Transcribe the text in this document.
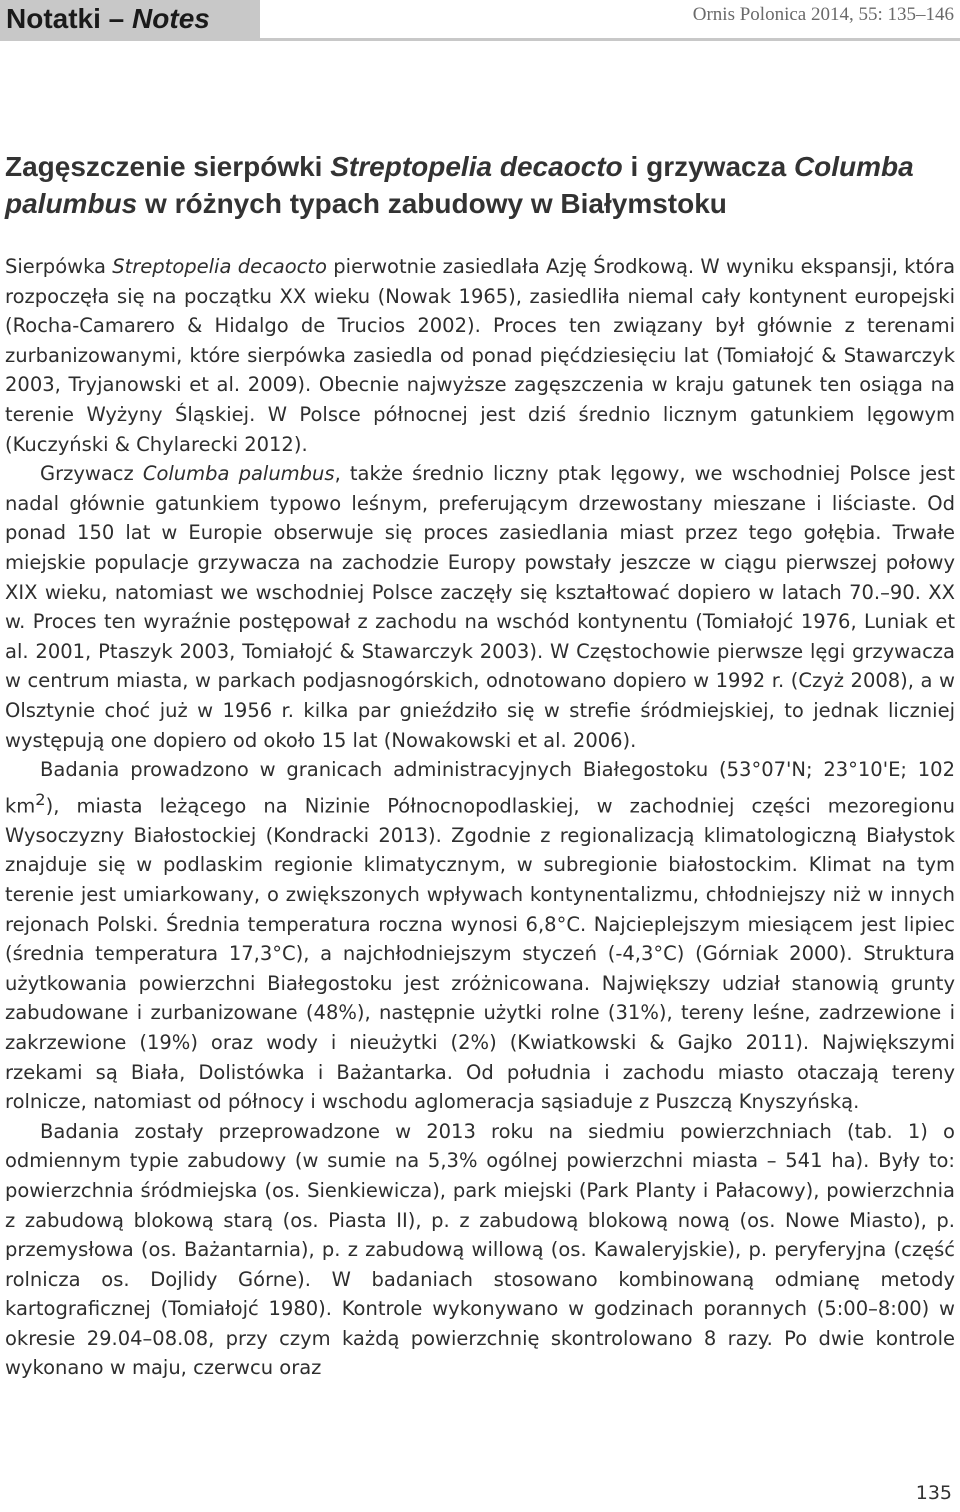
Notatki – Notes	Ornis Polonica 2014, 55: 135–146
Zagęszczenie sierpówki Streptopelia decaocto i grzywacza Columba palumbus w różnych typach zabudowy w Białymstoku

Sierpówka Streptopelia decaocto pierwotnie zasiedlała Azję Środkową. W wyniku ekspansji, która rozpoczęła się na początku XX wieku (Nowak 1965), zasiedliła niemal cały kontynent europejski (Rocha-Camarero & Hidalgo de Trucios 2002). Proces ten związany był głównie z terenami zurbanizowanymi, które sierpówka zasiedla od ponad pięćdziesięciu lat (Tomiałojć & Stawarczyk 2003, Tryjanowski et al. 2009). Obecnie najwyższe zagęszczenia w kraju gatunek ten osiąga na terenie Wyżyny Śląskiej. W Polsce północnej jest dziś średnio licznym gatunkiem lęgowym (Kuczyński & Chylarecki 2012).

Grzywacz Columba palumbus, także średnio liczny ptak lęgowy, we wschodniej Polsce jest nadal głównie gatunkiem typowo leśnym, preferującym drzewostany mieszane i liściaste. Od ponad 150 lat w Europie obserwuje się proces zasiedlania miast przez tego gołębia. Trwałe miejskie populacje grzywacza na zachodzie Europy powstały jeszcze w ciągu pierwszej połowy XIX wieku, natomiast we wschodniej Polsce zaczęły się kształtować dopiero w latach 70.–90. XX w. Proces ten wyraźnie postępował z zachodu na wschód kontynentu (Tomiałojć 1976, Luniak et al. 2001, Ptaszyk 2003, Tomiałojć & Stawarczyk 2003). W Częstochowie pierwsze lęgi grzywacza w centrum miasta, w parkach podjasnogórskich, odnotowano dopiero w 1992 r. (Czyż 2008), a w Olsztynie choć już w 1956 r. kilka par gnieździło się w strefie śródmiejskiej, to jednak liczniej występują one dopiero od około 15 lat (Nowakowski et al. 2006).

Badania prowadzono w granicach administracyjnych Białegostoku (53°07'N; 23°10'E; 102 $km^2$), miasta leżącego na Nizinie Północnopodlaskiej, w zachodniej części mezoregionu Wysoczyzny Białostockiej (Kondracki 2013). Zgodnie z regionalizacją klimatologiczną Białystok znajduje się w podlaskim regionie klimatycznym, w subregionie białostockim. Klimat na tym terenie jest umiarkowany, o zwiększonych wpływach kontynentalizmu, chłodniejszy niż w innych rejonach Polski. Średnia temperatura roczna wynosi 6,8°C. Najcieplejszym miesiącem jest lipiec (średnia temperatura 17,3°C), a najchłodniejszym styczeń (-4,3°C) (Górniak 2000). Struktura użytkowania powierzchni Białegostoku jest zróżnicowana. Największy udział stanowią grunty zabudowane i zurbanizowane (48%), następnie użytki rolne (31%), tereny leśne, zadrzewione i zakrzewione (19%) oraz wody i nieużytki (2%) (Kwiatkowski & Gajko 2011). Największymi rzekami są Biała, Dolistówka i Bażantarka. Od południa i zachodu miasto otaczają tereny rolnicze, natomiast od północy i wschodu aglomeracja sąsiaduje z Puszczą Knyszyńską.

Badania zostały przeprowadzone w 2013 roku na siedmiu powierzchniach (tab. 1) o odmiennym typie zabudowy (w sumie na 5,3% ogólnej powierzchni miasta – 541 ha). Były to: powierzchnia śródmiejska (os. Sienkiewicza), park miejski (Park Planty i Pałacowy), powierzchnia z zabudową blokową starą (os. Piasta II), p. z zabudową blokową nową (os. Nowe Miasto), p. przemysłowa (os. Bażantarnia), p. z zabudową willową (os. Kawaleryjskie), p. peryferyjna (część rolnicza os. Dojlidy Górne). W badaniach stosowano kombinowaną odmianę metody kartograficznej (Tomiałojć 1980). Kontrole wykonywano w godzinach porannych (5:00–8:00) w okresie 29.04–08.08, przy czym każdą powierzchnię skontrolowano 8 razy. Po dwie kontrole wykonano w maju, czerwcu oraz

135
